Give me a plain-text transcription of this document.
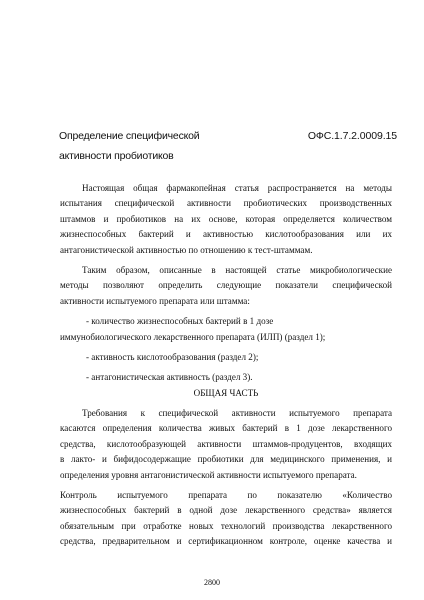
Определение специфической
активности пробиотиков
ОФС.1.7.2.0009.15
Настоящая общая фармакопейная статья распространяется на методы
испытания специфической активности пробиотических производственных
штаммов и пробиотиков на их основе, которая определяется количеством
жизнеспособных бактерий и активностью кислотообразования или их
антагонистической активностью по отношению к тест-штаммам.
Таким образом, описанные в настоящей статье микробиологические
методы позволяют определить следующие показатели специфической
активности испытуемого препарата или штамма:
- количество жизнеспособных бактерий в 1 дозе
иммунобиологического лекарственного препарата (ИЛП) (раздел 1);
- активность кислотообразования (раздел 2);
- антагонистическая активность (раздел 3).
ОБЩАЯ ЧАСТЬ
Требования к специфической активности испытуемого препарата
касаются определения количества живых бактерий в 1 дозе лекарственного
средства, кислотообразующей активности штаммов-продуцентов, входящих
в лакто- и бифидосодержащие пробиотики для медицинского применения, и
определения уровня антагонистической активности испытуемого препарата.
Контроль испытуемого препарата по показателю «Количество
жизнеспособных бактерий в одной дозе лекарственного средства» является
обязательным при отработке новых технологий производства лекарственного
средства, предварительном и сертификационном контроле, оценке качества и
2800
